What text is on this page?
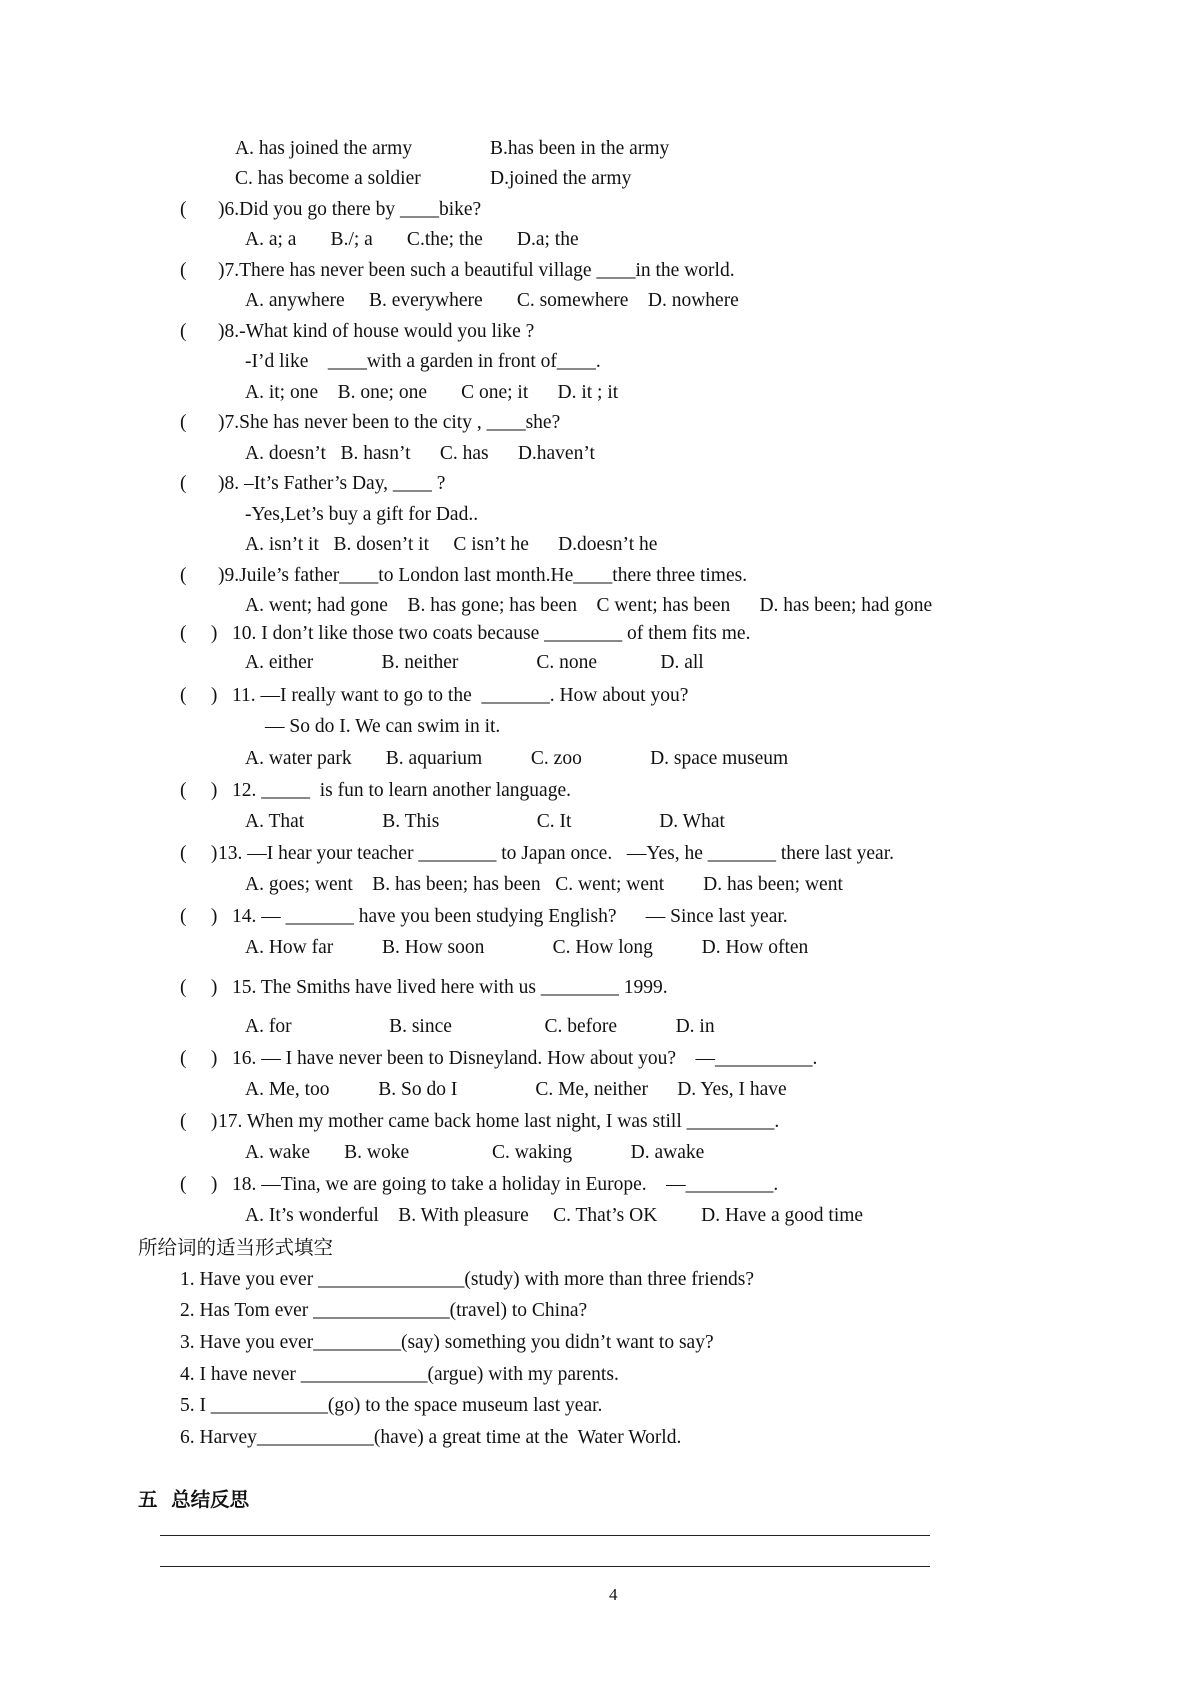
A. has joined the army	B.has been in the army
C. has become a soldier	D.joined the army
( )6.Did you go there by ____bike?
A. a; a       B./; a       C.the; the       D.a; the
( )7.There has never been such a beautiful village ____in the world.
A. anywhere     B. everywhere       C. somewhere    D. nowhere
( )8.-What kind of house would you like ?
-I’d like    ____with a garden in front of____.
A. it; one    B. one; one       C one; it      D. it ; it
( )7.She has never been to the city , ____she?
A. doesn’t   B. hasn’t      C. has      D.haven’t
( )8. –It’s Father’s Day, ____ ?
-Yes,Let’s buy a gift for Dad..
A. isn’t it   B. dosen’t it     C isn’t he      D.doesn’t he
( )9.Juile’s father____to London last month.He____there three times.
A. went; had gone    B. has gone; has been    C went; has been      D. has been; had gone
(     ) 10. I don’t like those two coats because ________ of them fits me.
A. either              B. neither                C. none             D. all
(     ) 11. —I really want to go to the  _______. How about you?
— So do I. We can swim in it.
A. water park       B. aquarium          C. zoo              D. space museum
(     ) 12. _____  is fun to learn another language.
A. That                B. This                    C. It                  D. What
(     ) 13. —I hear your teacher ________ to Japan once.   —Yes, he _______ there last year.
A. goes; went    B. has been; has been   C. went; went        D. has been; went
(     ) 14. — _______ have you been studying English?      — Since last year.
A. How far          B. How soon              C. How long          D. How often
(     ) 15. The Smiths have lived here with us ________ 1999.
A. for                    B. since                   C. before            D. in
(     ) 16. — I have never been to Disneyland. How about you?    —__________.
A. Me, too          B. So do I                C. Me, neither      D. Yes, I have
(     ) 17. When my mother came back home last night, I was still _________.
A. wake       B. woke                 C. waking            D. awake
(     ) 18. —Tina, we are going to take a holiday in Europe.    —_________.
A. It’s wonderful    B. With pleasure     C. That’s OK         D. Have a good time
所给词的适当形式填空
1. Have you ever _______________(study) with more than three friends?
2. Has Tom ever ______________(travel) to China?
3. Have you ever_________(say) something you didn’t want to say?
4. I have never _____________(argue) with my parents.
5. I ____________(go) to the space museum last year.
6. Harvey____________(have) a great time at the  Water World.
五  总结反思
4
